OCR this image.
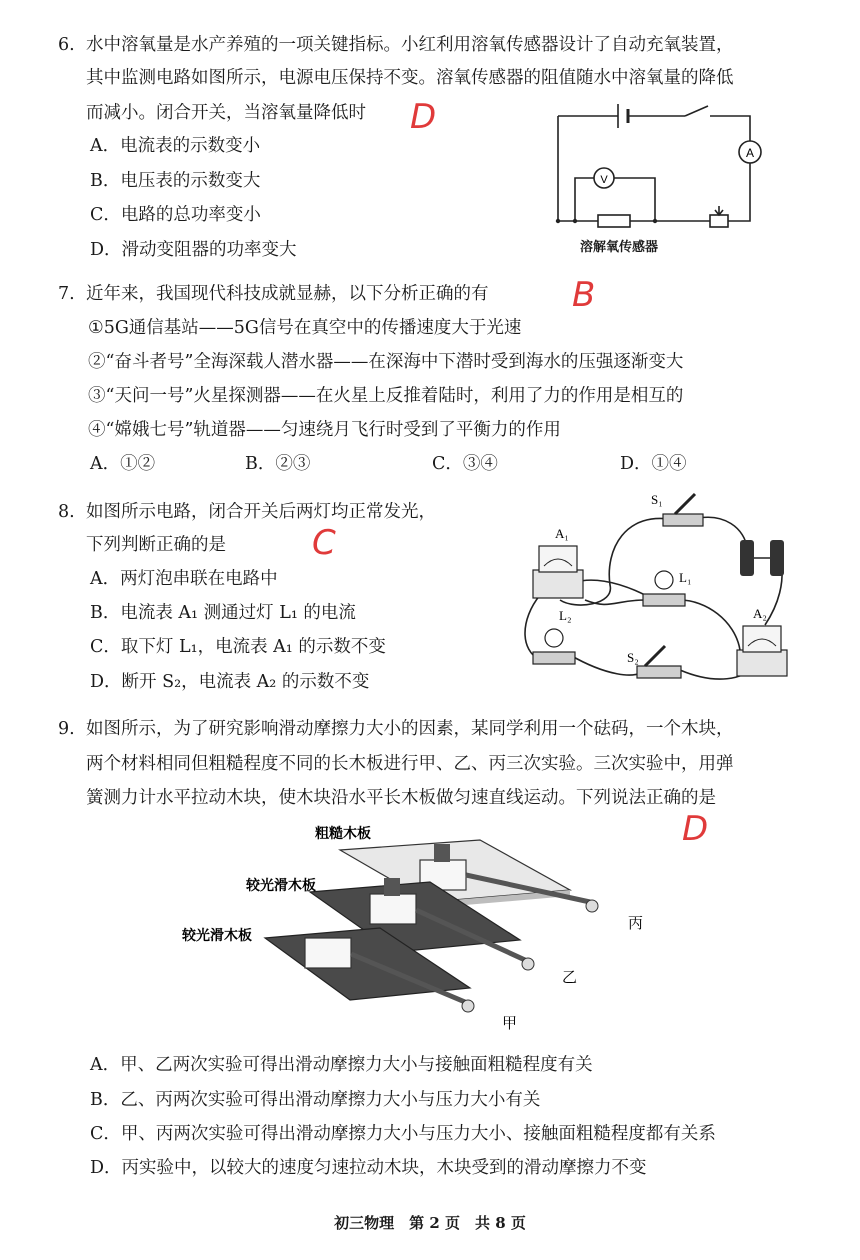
6. 水中溶氧量是水产养殖的一项关键指标。小红利用溶氧传感器设计了自动充氧装置，
其中监测电路如图所示，电源电压保持不变。溶氧传感器的阻值随水中溶氧量的降低
而减小。闭合开关，当溶氧量降低时
A．电流表的示数变小
B．电压表的示数变大
C．电路的总功率变小
D．滑动变阻器的功率变大
D
A
V
溶解氧传感器
7. 近年来，我国现代科技成就显赫，以下分析正确的有
①5G通信基站——5G信号在真空中的传播速度大于光速
②“奋斗者号”全海深载人潜水器——在深海中下潜时受到海水的压强逐渐变大
③“天问一号”火星探测器——在火星上反推着陆时，利用了力的作用是相互的
④“嫦娥七号”轨道器——匀速绕月飞行时受到了平衡力的作用
A．①②	B．②③	C．③④	D．①④
B
8. 如图所示电路，闭合开关后两灯均正常发光，
下列判断正确的是
A．两灯泡串联在电路中
B．电流表 A₁ 测通过灯 L₁ 的电流
C．取下灯 L₁，电流表 A₁ 的示数不变
D．断开 S₂，电流表 A₂ 的示数不变
C
S₁
A₁
L₁
A₂
L₂
S₂
9. 如图所示，为了研究影响滑动摩擦力大小的因素，某同学利用一个砝码，一个木块，
两个材料相同但粗糙程度不同的长木板进行甲、乙、丙三次实验。三次实验中，用弹
簧测力计水平拉动木块，使木块沿水平长木板做匀速直线运动。下列说法正确的是
D
粗糙木板
较光滑木板
较光滑木板
丙
乙
甲
A．甲、乙两次实验可得出滑动摩擦力大小与接触面粗糙程度有关
B．乙、丙两次实验可得出滑动摩擦力大小与压力大小有关
C．甲、丙两次实验可得出滑动摩擦力大小与压力大小、接触面粗糙程度都有关系
D．丙实验中，以较大的速度匀速拉动木块，木块受到的滑动摩擦力不变
初三物理　第 2 页　共 8 页
